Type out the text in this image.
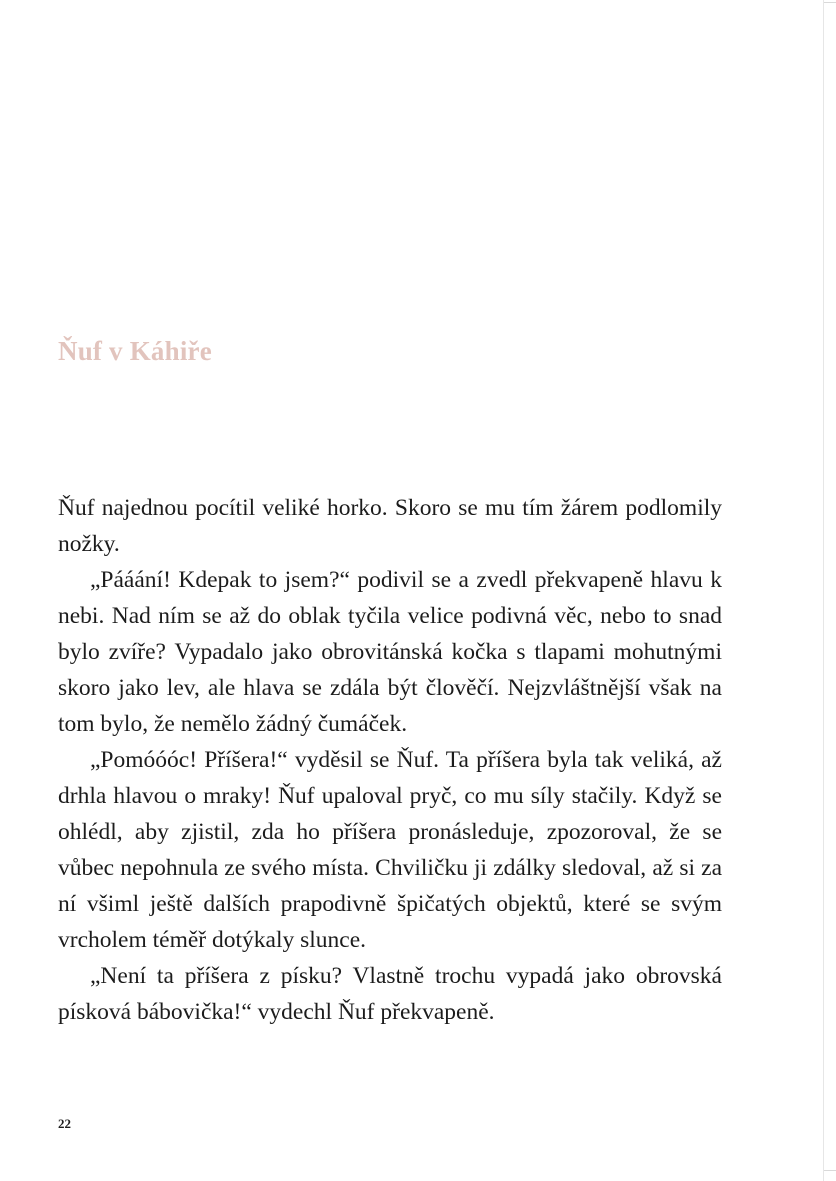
Ňuf v Káhiře

Ňuf najednou pocítil veliké horko. Skoro se mu tím žárem podlomily nožky.

„Pááání! Kdepak to jsem?“ podivil se a zvedl překvapeně hlavu k nebi. Nad ním se až do oblak tyčila velice podivná věc, nebo to snad bylo zvíře? Vypadalo jako obrovitánská kočka s tlapami mohutnými skoro jako lev, ale hlava se zdála být člověčí. Nejzvláštnější však na tom bylo, že nemělo žádný čumáček.

„Pomóóóc! Příšera!“ vyděsil se Ňuf. Ta příšera byla tak veliká, až drhla hlavou o mraky! Ňuf upaloval pryč, co mu síly stačily. Když se ohlédl, aby zjistil, zda ho příšera pronásleduje, zpozoroval, že se vůbec nepohnula ze svého místa. Chviličku ji zdálky sledoval, až si za ní všiml ještě dalších prapodivně špičatých objektů, které se svým vrcholem téměř dotýkaly slunce.

„Není ta příšera z písku? Vlastně trochu vypadá jako obrovská písková bábovička!“ vydechl Ňuf překvapeně.

22
